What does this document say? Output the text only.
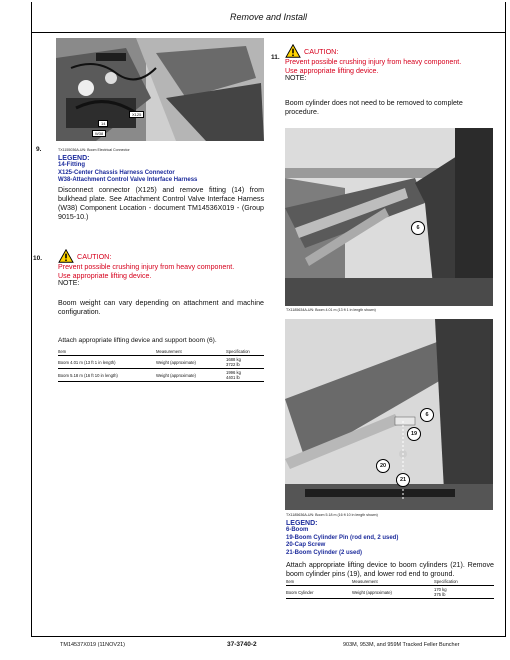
Remove and Install
X125
14
W38
TX1155036A-UN: Boom Electrical Connector
9.
LEGEND:
14-Fitting
X125-Center Chassis Harness Connector
W38-Attachment Control Valve Interface Harness
Disconnect connector (X125) and remove fitting (14) from bulkhead plate. See Attachment Control Valve Interface Harness (W38) Component Location - document TM14536X019 - (Group 9015-10.)
10.	CAUTION:
Prevent possible crushing injury from heavy component.
Use appropriate lifting device.
NOTE:
Boom weight can vary depending on attachment and machine configuration.
Attach appropriate lifting device and support boom (6).
Item	Measurement	Specification
Boom 4.01 m (13 ft 1 in length)	Weight (approximate)	1688 kg
3722 lb

Boom 5.18 m (16 ft 10 in length)	Weight (approximate)	1996 kg
4401 lb
11.
CAUTION:
Prevent possible crushing injury from heavy component.
Use appropriate lifting device.
NOTE:
Boom cylinder does not need to be removed to complete procedure.
6
TX1185634A-UN: Boom 4.01 m (13 ft 1 in length shown)
6
19
20
21
TX1185636A-UN: Boom 5.18 m (16 ft 10 in length shown)
LEGEND:
6-Boom
19-Boom Cylinder Pin (rod end, 2 used)
20-Cap Screw
21-Boom Cylinder (2 used)
Attach appropriate lifting device to boom cylinders (21). Remove boom cylinder pins (19), and lower rod end to ground.
Item	Measurement	Specification
Boom Cylinder	Weight (approximate)	170 kg
375 lb
TM14537X019 (11NOV21)	37-3740-2	903M, 953M, and 959M Tracked Feller Buncher
